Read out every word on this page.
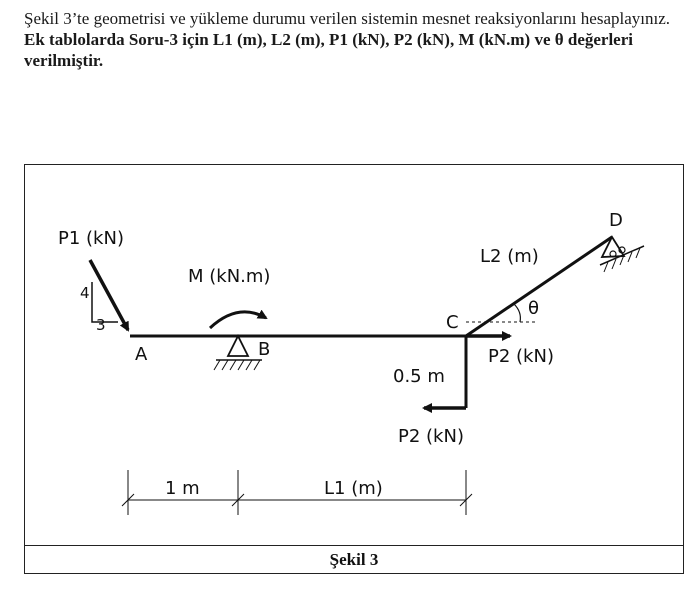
Şekil 3’te geometrisi ve yükleme durumu verilen sistemin mesnet reaksiyonlarını hesaplayınız.

Ek tablolarda Soru-3 için L1 (m), L2 (m), P1 (kN), P2 (kN), M (kN.m) ve θ değerleri verilmiştir.

Şekil 3
4
3
P1 (kN)
M (kN.m)
P2 (kN)
P2 (kN)
0.5 m
θ
L2 (m)
A	B
C
D
1 m	L1 (m)
